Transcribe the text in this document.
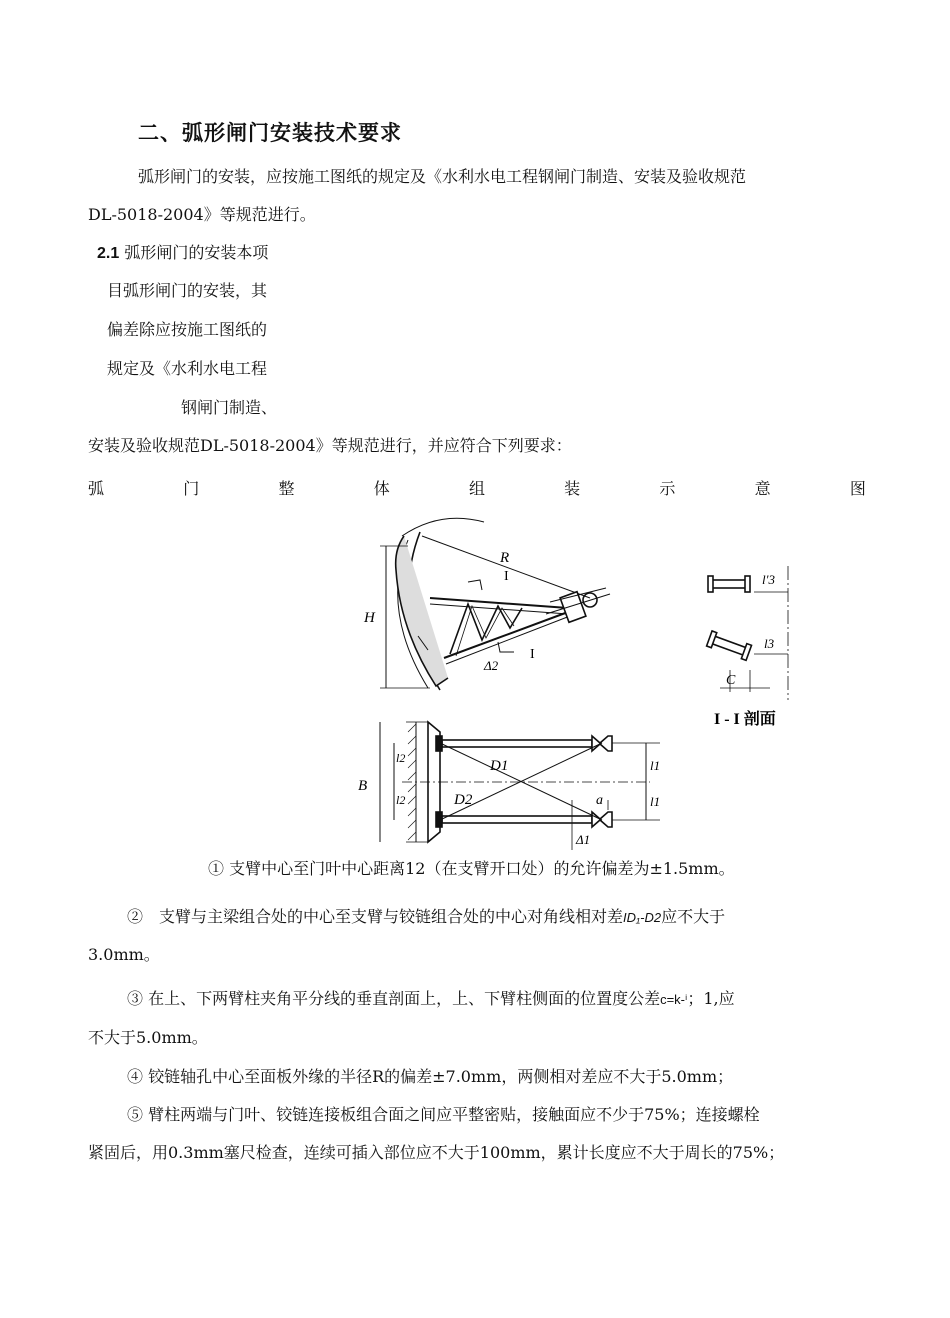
二、弧形闸门安装技术要求
弧形闸门的安装，应按施工图纸的规定及《水利水电工程钢闸门制造、安装及验收规范
DL-5018-2004》等规范进行。
2.1 弧形闸门的安装本项
目弧形闸门的安装，其
偏差除应按施工图纸的
规定及《水利水电工程
钢闸门制造、
安装及验收规范DL-5018-2004》等规范进行，并应符合下列要求：
弧	门	整	体	组	装	示	意	图
R
H
I
I
Δ2
B
D1
D2	a
l1
l1
l2
l2
Δ1
l′3
l3
C
I - I 剖面
① 支臂中心至门叶中心距离12（在支臂开口处）的允许偏差为±1.5mm。
②　支臂与主梁组合处的中心至支臂与铰链组合处的中心对角线相对差ID₁-D2应不大于
3.0mm。
③ 在上、下两臂柱夹角平分线的垂直剖面上，上、下臂柱侧面的位置度公差c=k-ⁱ；1,应
不大于5.0mm。
④ 铰链轴孔中心至面板外缘的半径R的偏差±7.0mm，两侧相对差应不大于5.0mm；
⑤ 臂柱两端与门叶、铰链连接板组合面之间应平整密贴，接触面应不少于75%；连接螺栓
紧固后，用0.3mm塞尺检查，连续可插入部位应不大于100mm，累计长度应不大于周长的75%；
